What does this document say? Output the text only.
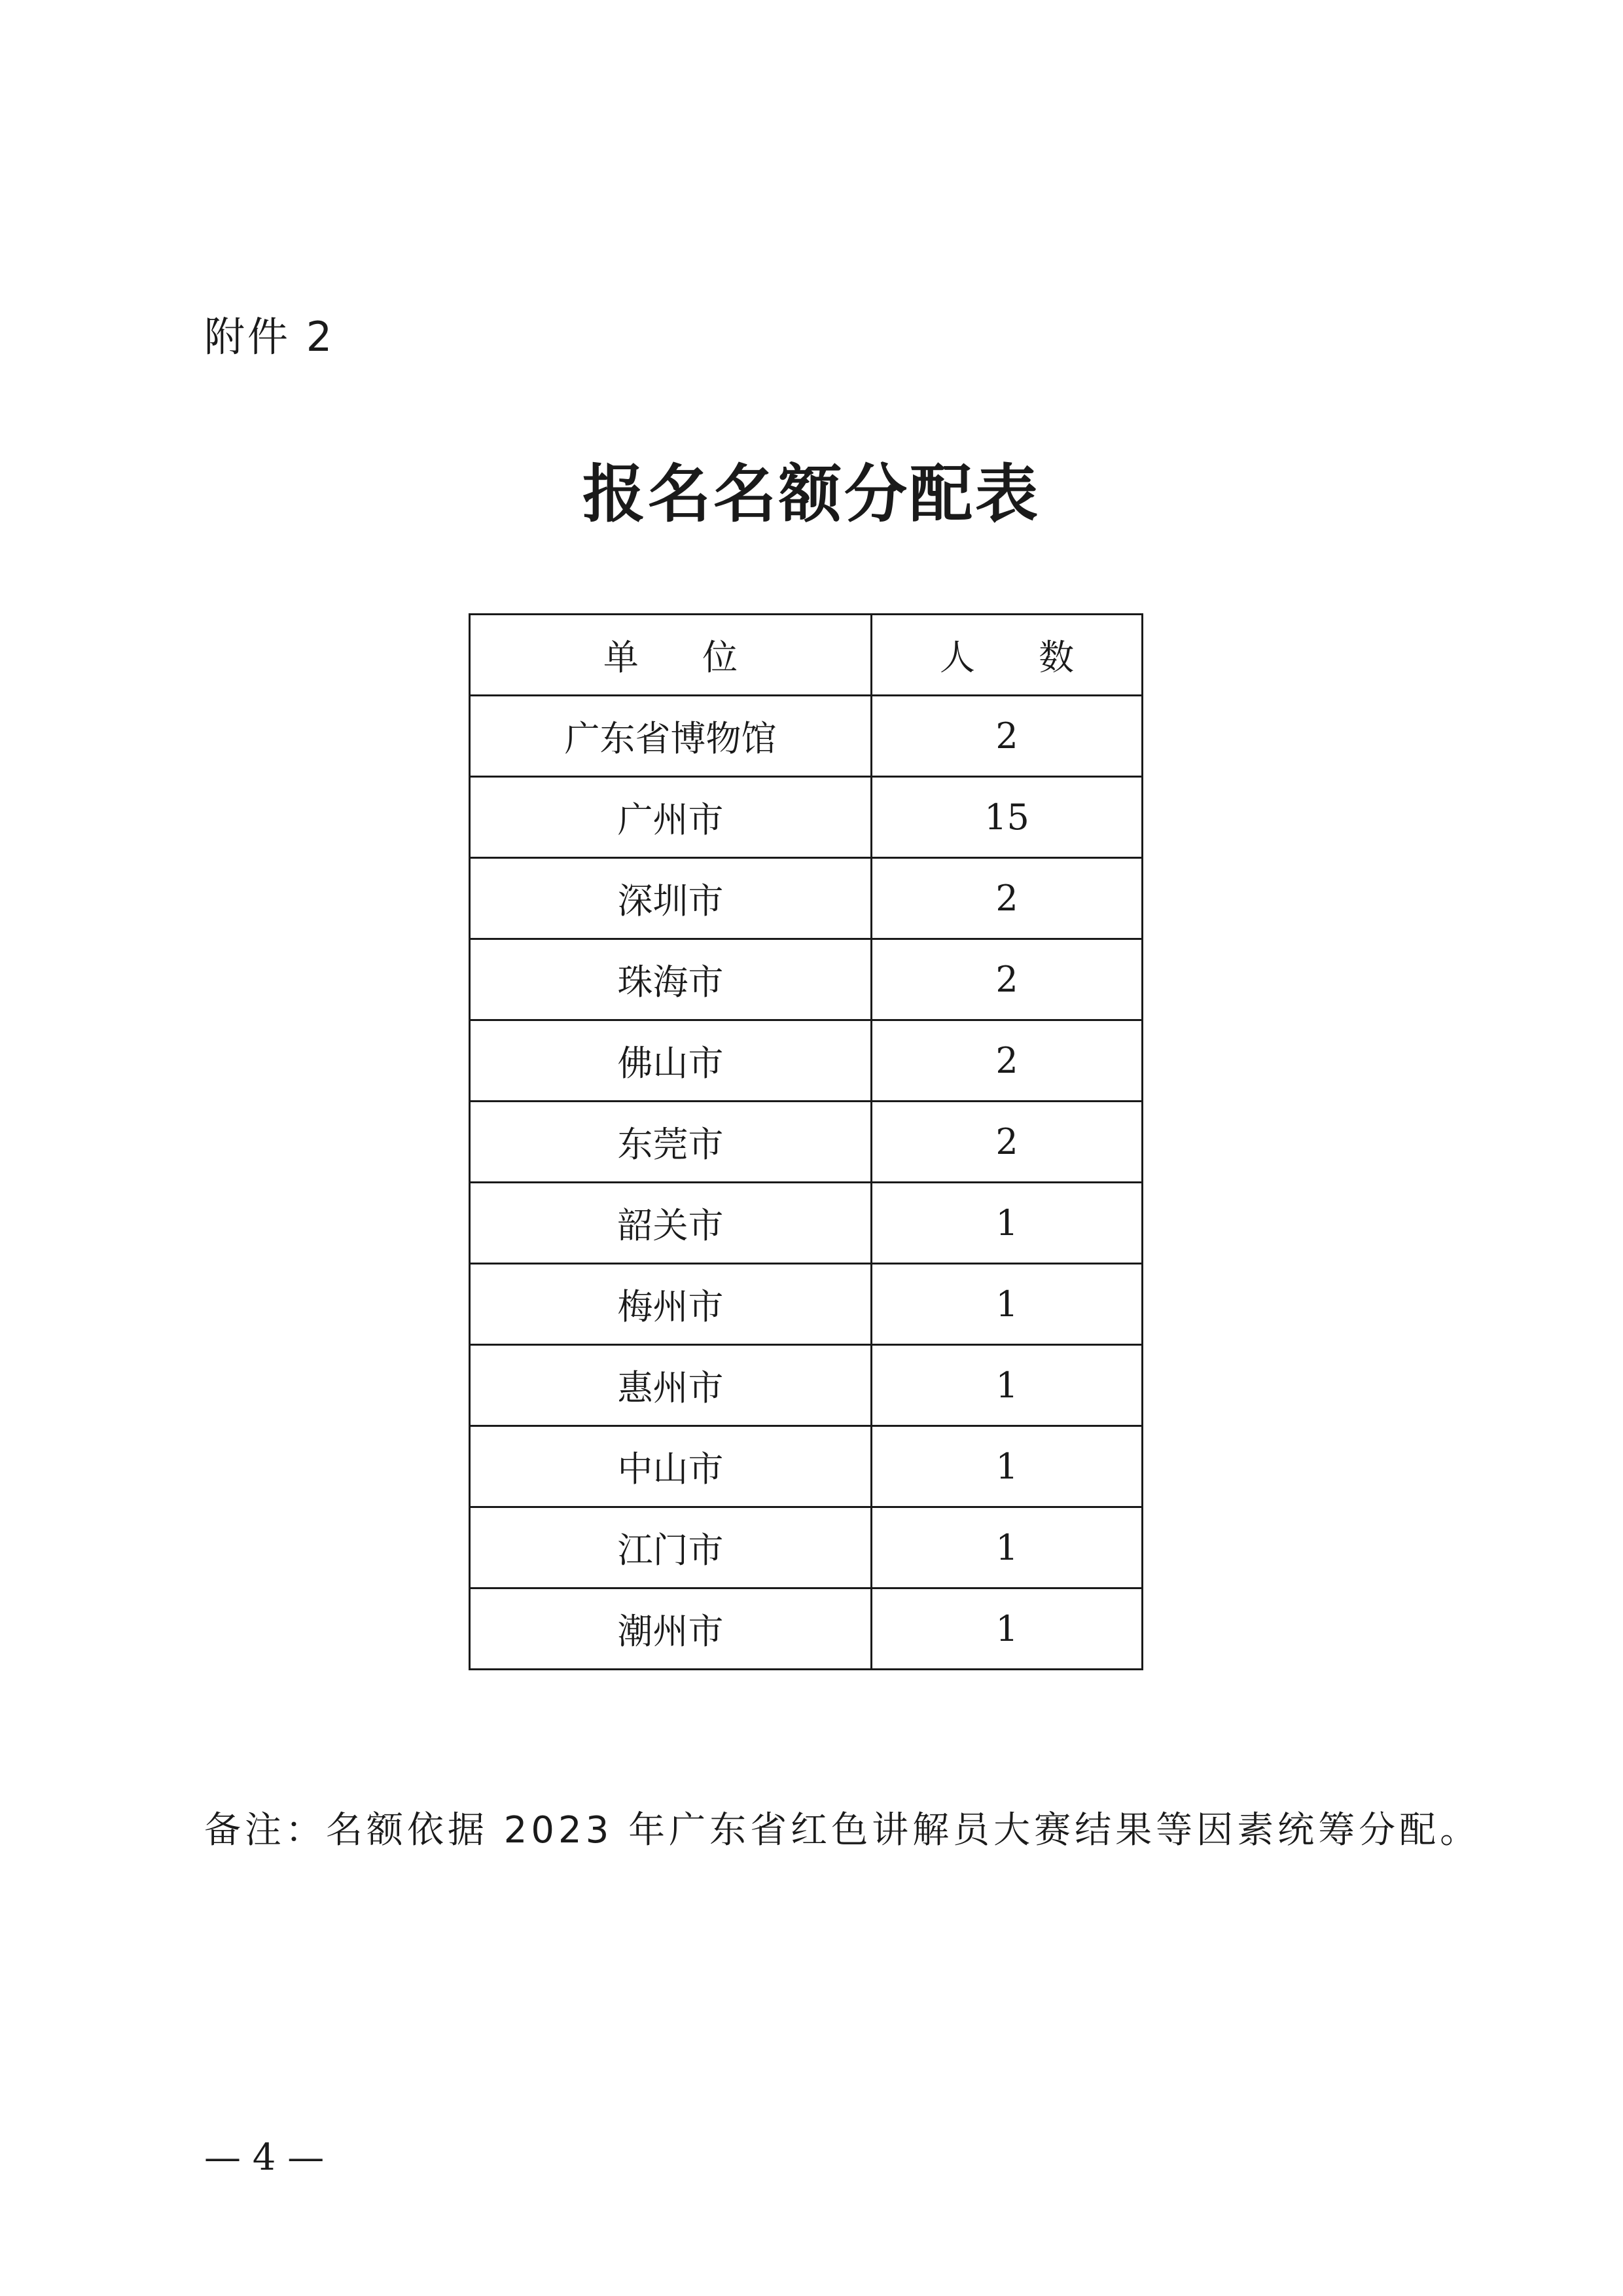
附件 2
报名名额分配表
单 位	人 数
广东省博物馆	2
广州市	15
深圳市	2
珠海市	2
佛山市	2
东莞市	2
韶关市	1
梅州市	1
惠州市	1
中山市	1
江门市	1
潮州市	1
备注：名额依据 2023 年广东省红色讲解员大赛结果等因素统筹分配。
— 4 —
